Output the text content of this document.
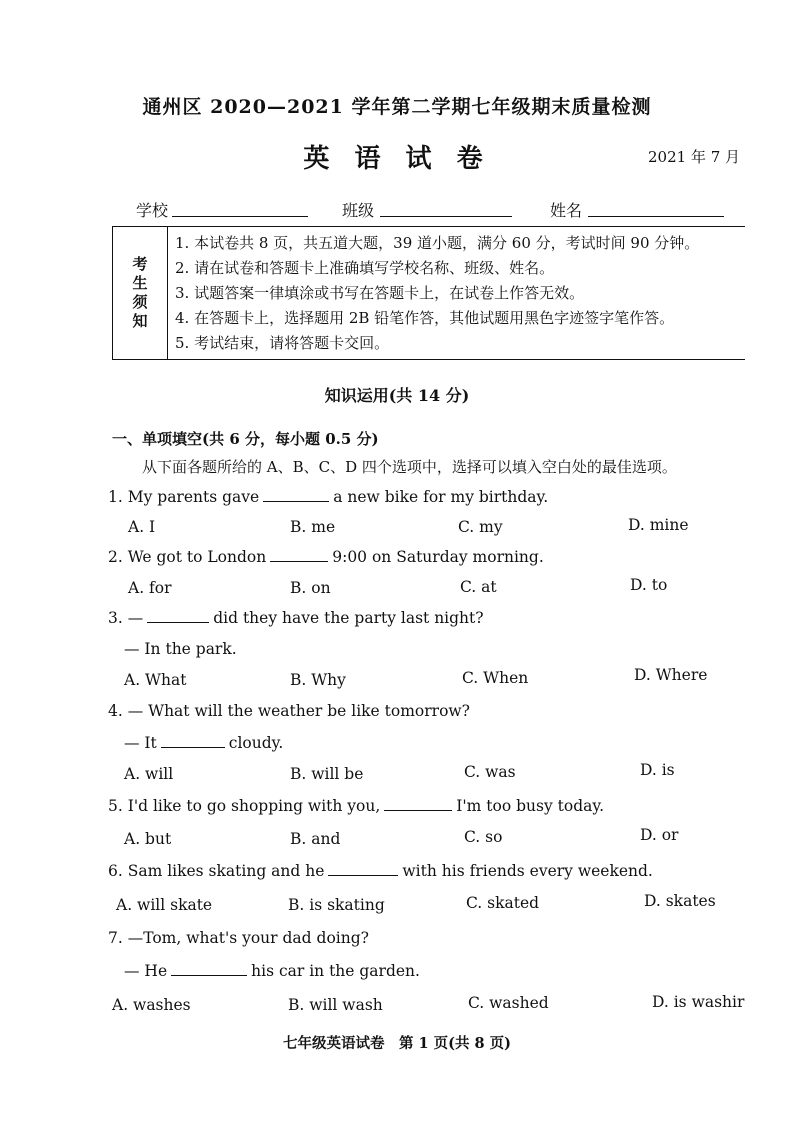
通州区 2020—2021 学年第二学期七年级期末质量检测
英 语 试 卷	2021 年 7 月
学校	班级	姓名
考
生
须
知
1. 本试卷共 8 页，共五道大题，39 道小题，满分 60 分，考试时间 90 分钟。
2. 请在试卷和答题卡上准确填写学校名称、班级、姓名。
3. 试题答案一律填涂或书写在答题卡上，在试卷上作答无效。
4. 在答题卡上，选择题用 2B 铅笔作答，其他试题用黑色字迹签字笔作答。
5. 考试结束，请将答题卡交回。
知识运用(共 14 分)
一、单项填空(共 6 分，每小题 0.5 分)
从下面各题所给的 A、B、C、D 四个选项中，选择可以填入空白处的最佳选项。
1. My parents gave	a new bike for my birthday.
A. I	B. me	C. my	D. mine
2. We got to London	9:00 on Saturday morning.
A. for	B. on	C. at	D. to
3. —	did they have the party last night?
— In the park.
A. What	B. Why	C. When	D. Where
4. — What will the weather be like tomorrow?
— It	cloudy.
A. will	B. will be	C. was	D. is
5. I'd like to go shopping with you,	I'm too busy today.
A. but	B. and	C. so	D. or
6. Sam likes skating and he	with his friends every weekend.
A. will skate	B. is skating	C. skated	D. skates
7. —Tom, what's your dad doing?
— He	his car in the garden.
A. washes	B. will wash	C. washed	D. is washir
七年级英语试卷　第 1 页(共 8 页)
